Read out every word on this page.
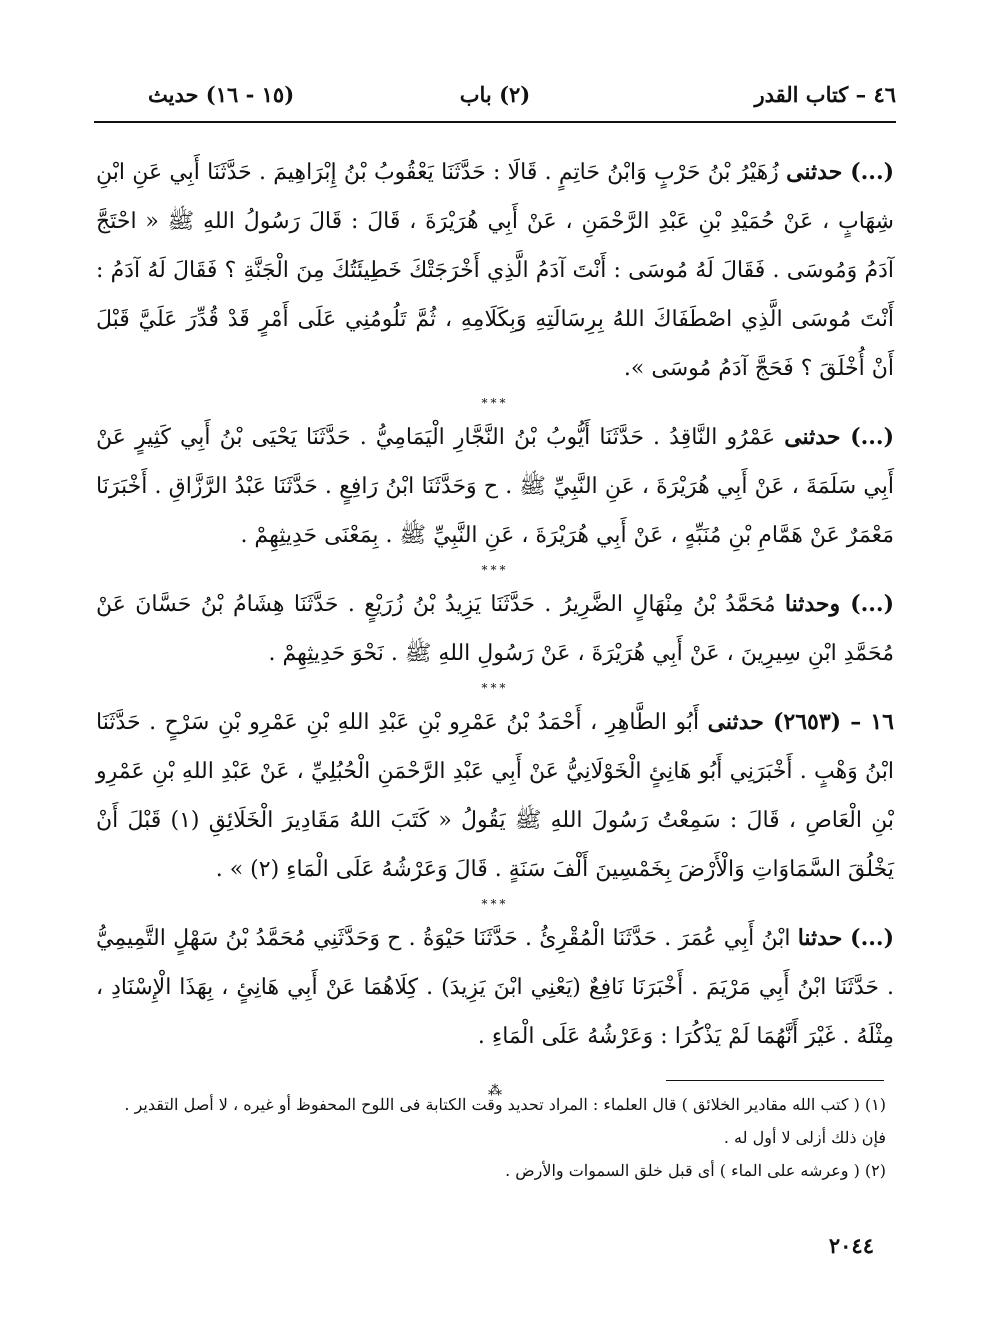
٤٦ – كتاب القدر
(٢) باب
(١٥ - ١٦) حديث

(...) حدثنى زُهَيْرُ بْنُ حَرْبٍ وَابْنُ حَاتِمٍ . قَالَا : حَدَّثَنَا يَعْقُوبُ بْنُ إِبْرَاهِيمَ . حَدَّثَنَا أَبِي عَنِ ابْنِ شِهَابٍ ، عَنْ حُمَيْدِ بْنِ عَبْدِ الرَّحْمَنِ ، عَنْ أَبِي هُرَيْرَةَ ، قَالَ : قَالَ رَسُولُ اللهِ ﷺ « احْتَجَّ آدَمُ وَمُوسَى . فَقَالَ لَهُ مُوسَى : أَنْتَ آدَمُ الَّذِي أَخْرَجَتْكَ خَطِيئَتُكَ مِنَ الْجَنَّةِ ؟ فَقَالَ لَهُ آدَمُ : أَنْتَ مُوسَى الَّذِي اصْطَفَاكَ اللهُ بِرِسَالَتِهِ وَبِكَلَامِهِ ، ثُمَّ تَلُومُنِي عَلَى أَمْرٍ قَدْ قُدِّرَ عَلَيَّ قَبْلَ أَنْ أُخْلَقَ ؟ فَحَجَّ آدَمُ مُوسَى ».

***

(...) حدثنى عَمْرُو النَّاقِدُ . حَدَّثَنَا أَيُّوبُ بْنُ النَّجَّارِ الْيَمَامِيُّ . حَدَّثَنَا يَحْيَى بْنُ أَبِي كَثِيرٍ عَنْ أَبِي سَلَمَةَ ، عَنْ أَبِي هُرَيْرَةَ ، عَنِ النَّبِيِّ ﷺ . ح وَحَدَّثَنَا ابْنُ رَافِعٍ . حَدَّثَنَا عَبْدُ الرَّزَّاقِ . أَخْبَرَنَا مَعْمَرٌ عَنْ هَمَّامِ بْنِ مُنَبِّهٍ ، عَنْ أَبِي هُرَيْرَةَ ، عَنِ النَّبِيِّ ﷺ . بِمَعْنَى حَدِيثِهِمْ .

***

(...) وحدثنا مُحَمَّدُ بْنُ مِنْهَالٍ الضَّرِيرُ . حَدَّثَنَا يَزِيدُ بْنُ زُرَيْعٍ . حَدَّثَنَا هِشَامُ بْنُ حَسَّانَ عَنْ مُحَمَّدِ ابْنِ سِيرِينَ ، عَنْ أَبِي هُرَيْرَةَ ، عَنْ رَسُولِ اللهِ ﷺ . نَحْوَ حَدِيثِهِمْ .

***

١٦ – (٢٦٥٣) حدثنى أَبُو الطَّاهِرِ ، أَحْمَدُ بْنُ عَمْرِو بْنِ عَبْدِ اللهِ بْنِ عَمْرِو بْنِ سَرْحٍ . حَدَّثَنَا ابْنُ وَهْبٍ . أَخْبَرَنِي أَبُو هَانِئٍ الْخَوْلَانِيُّ عَنْ أَبِي عَبْدِ الرَّحْمَنِ الْحُبُلِيِّ ، عَنْ عَبْدِ اللهِ بْنِ عَمْرِو بْنِ الْعَاصِ ، قَالَ : سَمِعْتُ رَسُولَ اللهِ ﷺ يَقُولُ « كَتَبَ اللهُ مَقَادِيرَ الْخَلَائِقِ (١) قَبْلَ أَنْ يَخْلُقَ السَّمَاوَاتِ وَالْأَرْضَ بِخَمْسِينَ أَلْفَ سَنَةٍ . قَالَ وَعَرْشُهُ عَلَى الْمَاءِ (٢) » .

***

(...) حدثنا ابْنُ أَبِي عُمَرَ . حَدَّثَنَا الْمُقْرِئُ . حَدَّثَنَا حَيْوَةُ . ح وَحَدَّثَنِي مُحَمَّدُ بْنُ سَهْلٍ التَّمِيمِيُّ . حَدَّثَنَا ابْنُ أَبِي مَرْيَمَ . أَخْبَرَنَا نَافِعٌ (يَعْنِي ابْنَ يَزِيدَ) . كِلَاهُمَا عَنْ أَبِي هَانِئٍ ، بِهَذَا الْإِسْنَادِ ، مِثْلَهُ . غَيْرَ أَنَّهُمَا لَمْ يَذْكُرَا : وَعَرْشُهُ عَلَى الْمَاءِ .

⁂

(١) ( كتب الله مقادير الخلائق ) قال العلماء : المراد تحديد وقت الكتابة فى اللوح المحفوظ أو غيره ، لا أصل التقدير . فإن ذلك أزلى لا أول له .

(٢) ( وعرشه على الماء ) أى قبل خلق السموات والأرض .

٢٠٤٤
